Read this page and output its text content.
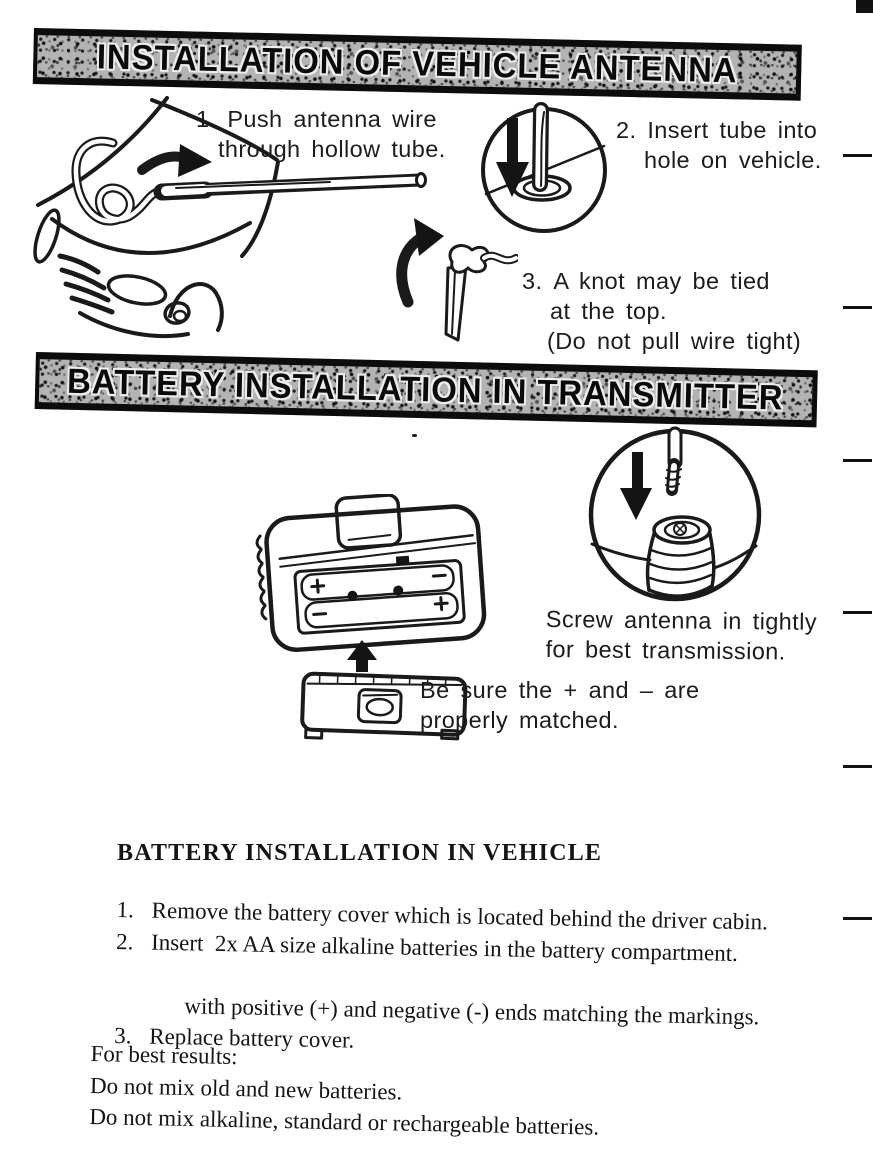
INSTALLATION OF VEHICLE ANTENNA
1. Push antenna wire
through hollow tube.
2. Insert tube into
hole on vehicle.
3. A knot may be tied
at the top.
(Do not pull wire tight)
BATTERY INSTALLATION IN TRANSMITTER
Screw antenna in tightly
for best transmission.
Be sure the + and – are
properly matched.
BATTERY INSTALLATION IN VEHICLE
1. Remove the battery cover which is located behind the driver cabin.
2. Insert  2x AA size alkaline batteries in the battery compartment.

with positive (+) and negative (-) ends matching the markings.
3. Replace battery cover.
For best results:
Do not mix old and new batteries.
Do not mix alkaline, standard or rechargeable batteries.
